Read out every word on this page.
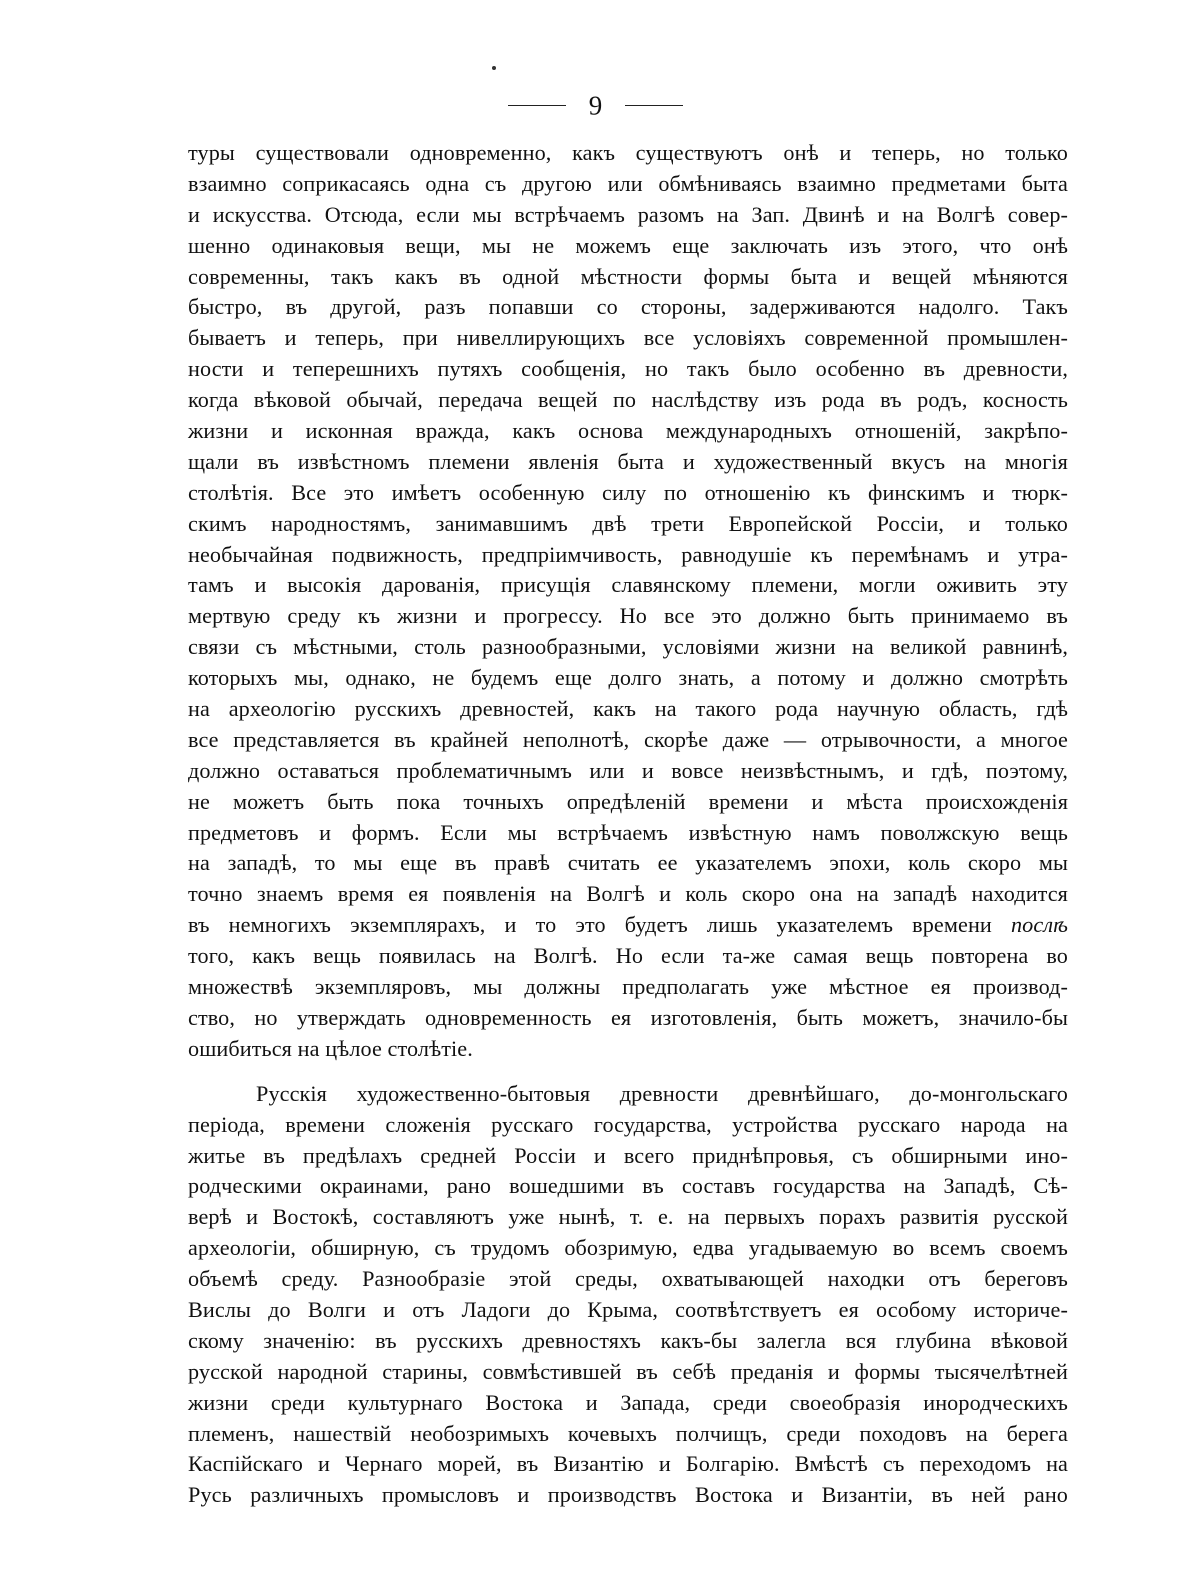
9
туры существовали одновременно, какъ существуютъ онѣ и теперь, но только
взаимно соприкасаясь одна съ другою или обмѣниваясь взаимно предметами быта
и искусства. Отсюда, если мы встрѣчаемъ разомъ на Зап. Двинѣ и на Волгѣ совер-
шенно одинаковыя вещи, мы не можемъ еще заключать изъ этого, что онѣ
современны, такъ какъ въ одной мѣстности формы быта и вещей мѣняются
быстро, въ другой, разъ попавши со стороны, задерживаются надолго. Такъ
бываетъ и теперь, при нивеллирующихъ все условіяхъ современной промышлен-
ности и теперешнихъ путяхъ сообщенія, но такъ было особенно въ древности,
когда вѣковой обычай, передача вещей по наслѣдству изъ рода въ родъ, косность
жизни и исконная вражда, какъ основа международныхъ отношеній, закрѣпо-
щали въ извѣстномъ племени явленія быта и художественный вкусъ на многія
столѣтія. Все это имѣетъ особенную силу по отношенію къ финскимъ и тюрк-
скимъ народностямъ, занимавшимъ двѣ трети Европейской Россіи, и только
необычайная подвижность, предпріимчивость, равнодушіе къ перемѣнамъ и утра-
тамъ и высокія дарованія, присущія славянскому племени, могли оживить эту
мертвую среду къ жизни и прогрессу. Но все это должно быть принимаемо въ
связи съ мѣстными, столь разнообразными, условіями жизни на великой равнинѣ,
которыхъ мы, однако, не будемъ еще долго знать, а потому и должно смотрѣть
на археологію русскихъ древностей, какъ на такого рода научную область, гдѣ
все представляется въ крайней неполнотѣ, скорѣе даже — отрывочности, а многое
должно оставаться проблематичнымъ или и вовсе неизвѣстнымъ, и гдѣ, поэтому,
не можетъ быть пока точныхъ опредѣленій времени и мѣста происхожденія
предметовъ и формъ. Если мы встрѣчаемъ извѣстную намъ поволжскую вещь
на западѣ, то мы еще въ правѣ считать ее указателемъ эпохи, коль скоро мы
точно знаемъ время ея появленія на Волгѣ и коль скоро она на западѣ находится
въ немногихъ экземплярахъ, и то это будетъ лишь указателемъ времени послѣ
того, какъ вещь появилась на Волгѣ. Но если та-же самая вещь повторена во
множествѣ экземпляровъ, мы должны предполагать уже мѣстное ея производ-
ство, но утверждать одновременность ея изготовленія, быть можетъ, значило-бы
ошибиться на цѣлое столѣтіе.
Русскія художественно-бытовыя древности древнѣйшаго, до-монгольскаго
періода, времени сложенія русскаго государства, устройства русскаго народа на
житье въ предѣлахъ средней Россіи и всего приднѣпровья, съ обширными ино-
родческими окраинами, рано вошедшими въ составъ государства на Западѣ, Сѣ-
верѣ и Востокѣ, составляютъ уже нынѣ, т. е. на первыхъ порахъ развитія русской
археологіи, обширную, съ трудомъ обозримую, едва угадываемую во всемъ своемъ
объемѣ среду. Разнообразіе этой среды, охватывающей находки отъ береговъ
Вислы до Волги и отъ Ладоги до Крыма, соотвѣтствуетъ ея особому историче-
скому значенію: въ русскихъ древностяхъ какъ-бы залегла вся глубина вѣковой
русской народной старины, совмѣстившей въ себѣ преданія и формы тысячелѣтней
жизни среди культурнаго Востока и Запада, среди своеобразія инородческихъ
племенъ, нашествій необозримыхъ кочевыхъ полчищъ, среди походовъ на берега
Каспійскаго и Чернаго морей, въ Византію и Болгарію. Вмѣстѣ съ переходомъ на
Русь различныхъ промысловъ и производствъ Востока и Византіи, въ ней рано
